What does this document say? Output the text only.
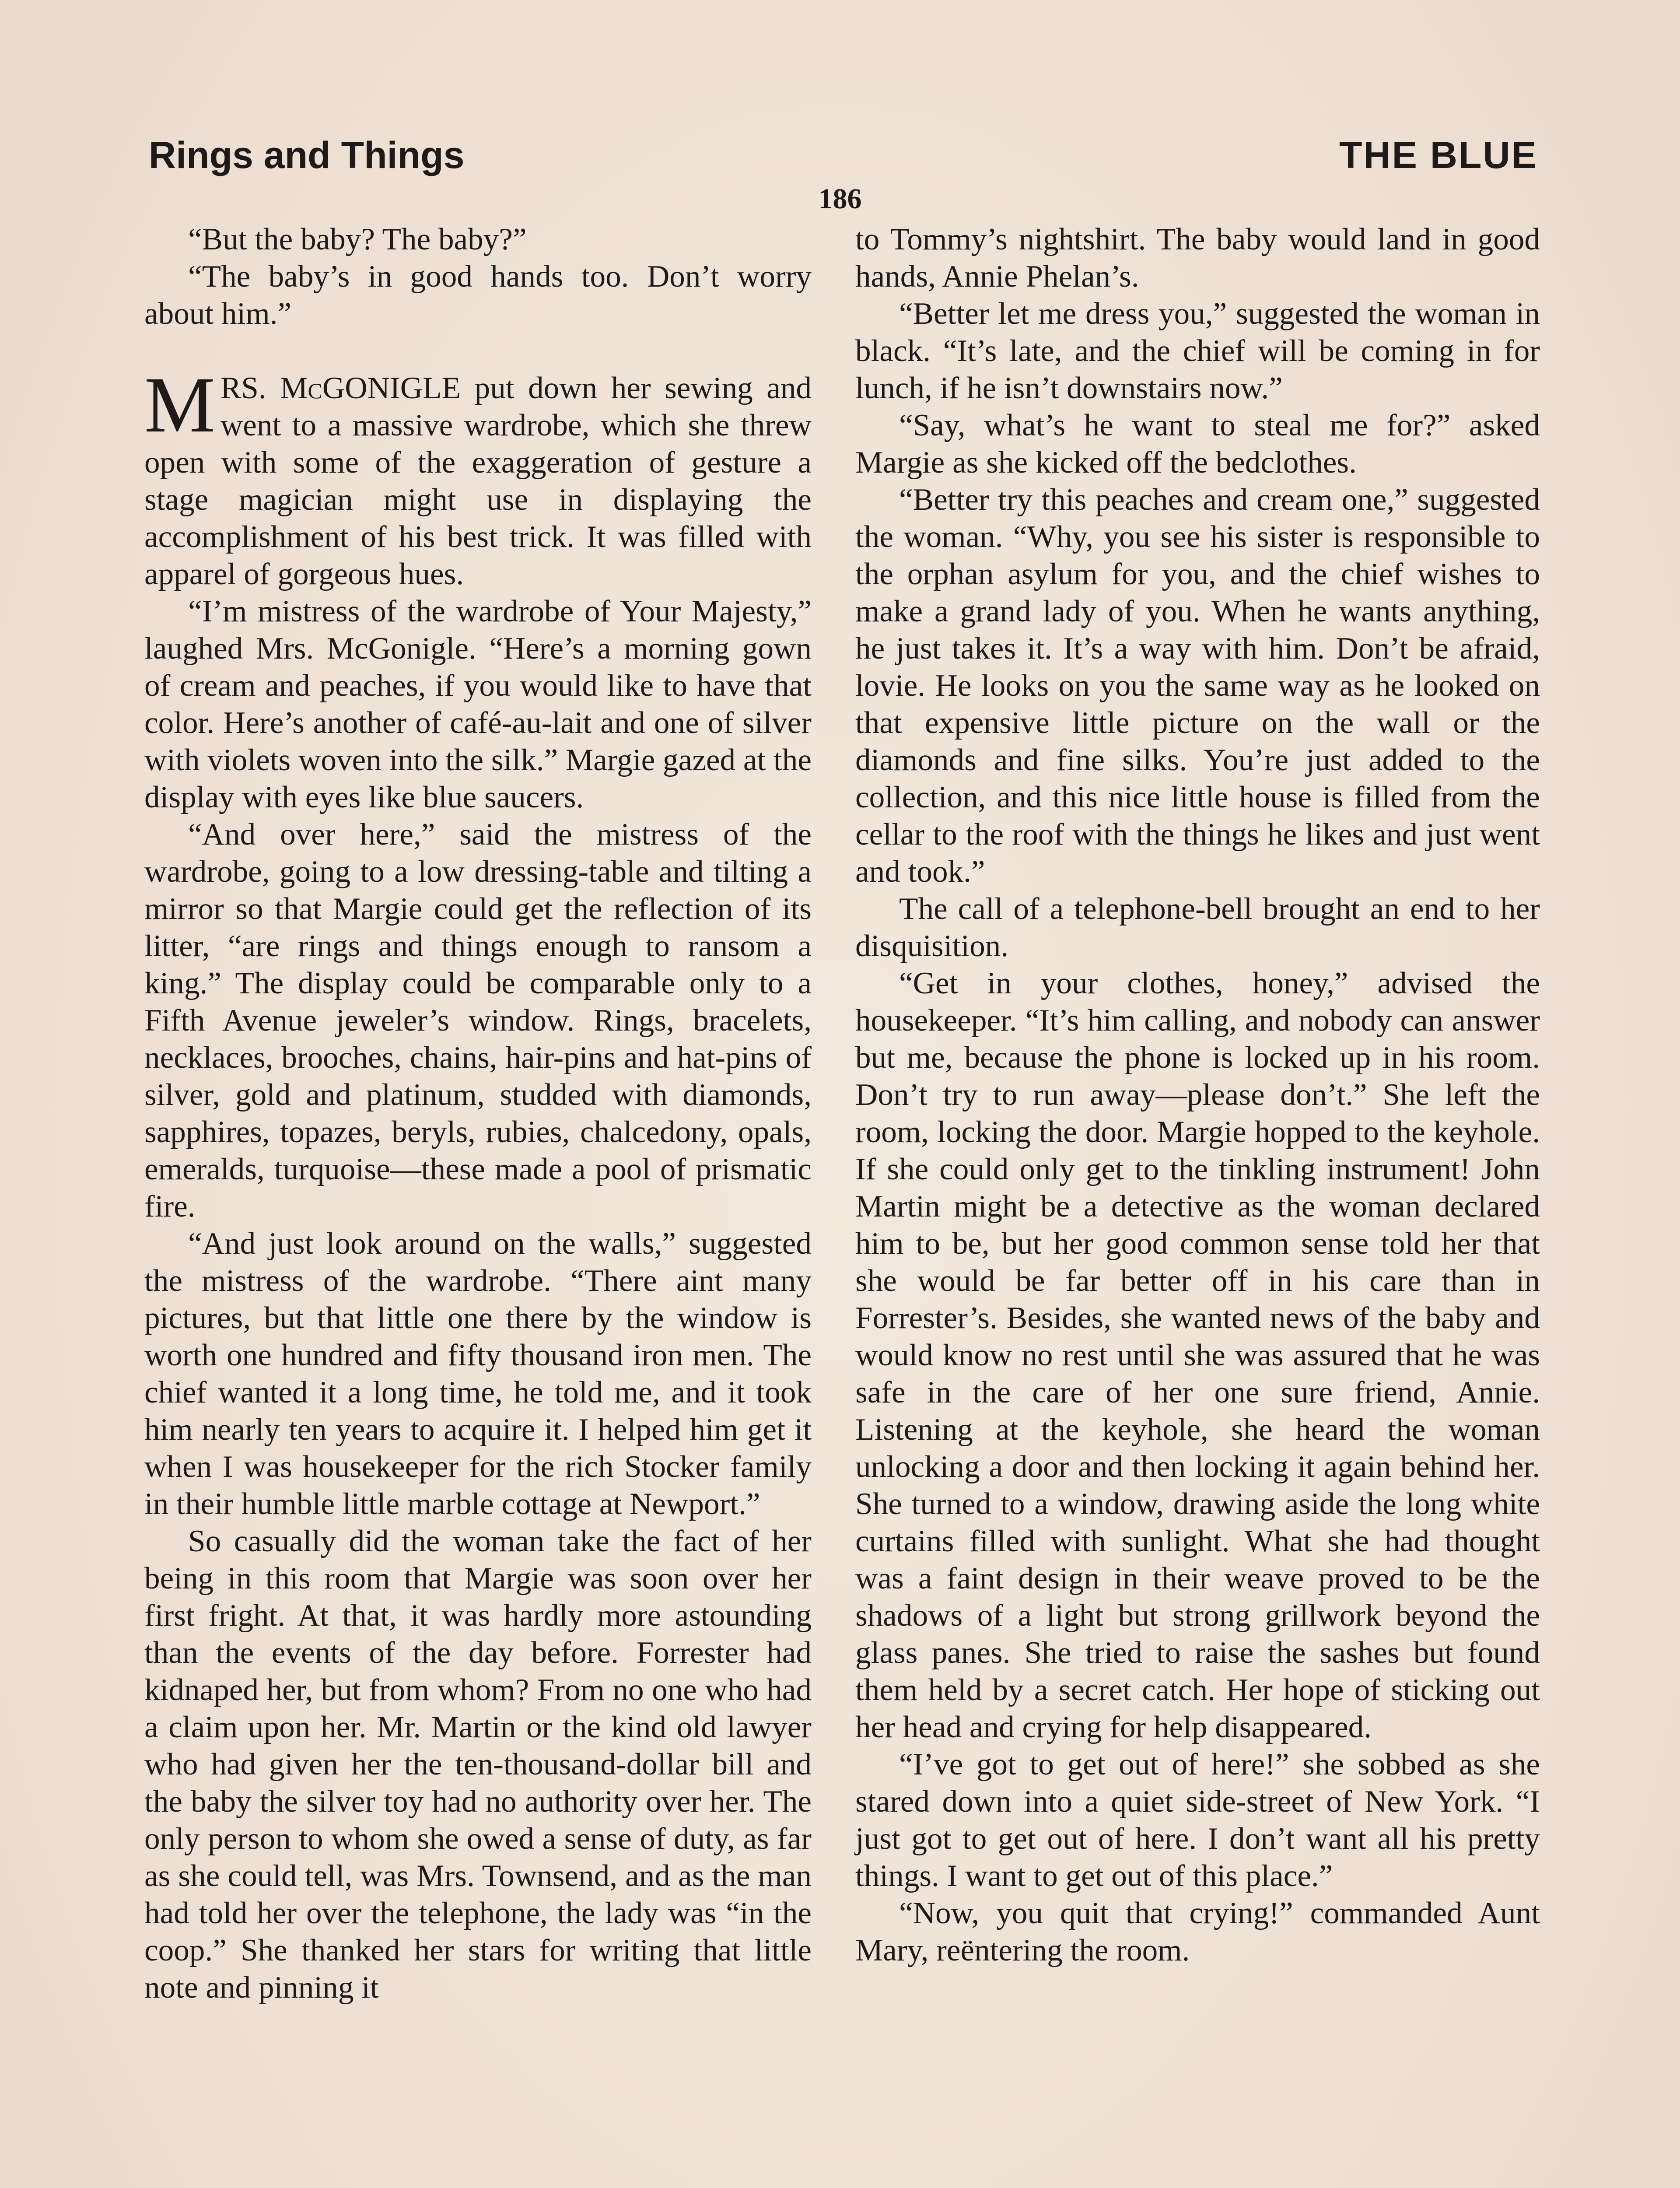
Rings and Things	THE BLUE
186

“But the baby? The baby?”

“The baby’s in good hands too. Don’t worry about him.”

MRS. McGONIGLE put down her sewing and went to a massive wardrobe, which she threw open with some of the exaggeration of gesture a stage magician might use in displaying the accomplishment of his best trick. It was filled with apparel of gorgeous hues.

“I’m mistress of the wardrobe of Your Majesty,” laughed Mrs. McGonigle. “Here’s a morning gown of cream and peaches, if you would like to have that color. Here’s another of café-au-lait and one of silver with violets woven into the silk.” Margie gazed at the display with eyes like blue saucers.

“And over here,” said the mistress of the wardrobe, going to a low dressing-table and tilting a mirror so that Margie could get the reflection of its litter, “are rings and things enough to ransom a king.” The display could be comparable only to a Fifth Avenue jeweler’s window. Rings, bracelets, necklaces, brooches, chains, hair-pins and hat-pins of silver, gold and platinum, studded with diamonds, sapphires, topazes, beryls, rubies, chalcedony, opals, emeralds, turquoise—these made a pool of prismatic fire.

“And just look around on the walls,” suggested the mistress of the wardrobe. “There aint many pictures, but that little one there by the window is worth one hundred and fifty thousand iron men. The chief wanted it a long time, he told me, and it took him nearly ten years to acquire it. I helped him get it when I was housekeeper for the rich Stocker family in their humble little marble cottage at Newport.”

So casually did the woman take the fact of her being in this room that Margie was soon over her first fright. At that, it was hardly more astounding than the events of the day before. Forrester had kidnaped her, but from whom? From no one who had a claim upon her. Mr. Martin or the kind old lawyer who had given her the ten-thousand-dollar bill and the baby the silver toy had no authority over her. The only person to whom she owed a sense of duty, as far as she could tell, was Mrs. Townsend, and as the man had told her over the telephone, the lady was “in the coop.” She thanked her stars for writing that little note and pinning it

to Tommy’s nightshirt. The baby would land in good hands, Annie Phelan’s.

“Better let me dress you,” suggested the woman in black. “It’s late, and the chief will be coming in for lunch, if he isn’t downstairs now.”

“Say, what’s he want to steal me for?” asked Margie as she kicked off the bedclothes.

“Better try this peaches and cream one,” suggested the woman. “Why, you see his sister is responsible to the orphan asylum for you, and the chief wishes to make a grand lady of you. When he wants anything, he just takes it. It’s a way with him. Don’t be afraid, lovie. He looks on you the same way as he looked on that expensive little picture on the wall or the diamonds and fine silks. You’re just added to the collection, and this nice little house is filled from the cellar to the roof with the things he likes and just went and took.”

The call of a telephone-bell brought an end to her disquisition.

“Get in your clothes, honey,” advised the housekeeper. “It’s him calling, and nobody can answer but me, because the phone is locked up in his room. Don’t try to run away—please don’t.” She left the room, locking the door. Margie hopped to the keyhole. If she could only get to the tinkling instrument! John Martin might be a detective as the woman declared him to be, but her good common sense told her that she would be far better off in his care than in Forrester’s. Besides, she wanted news of the baby and would know no rest until she was assured that he was safe in the care of her one sure friend, Annie. Listening at the keyhole, she heard the woman unlocking a door and then locking it again behind her. She turned to a window, drawing aside the long white curtains filled with sunlight. What she had thought was a faint design in their weave proved to be the shadows of a light but strong grillwork beyond the glass panes. She tried to raise the sashes but found them held by a secret catch. Her hope of sticking out her head and crying for help disappeared.

“I’ve got to get out of here!” she sobbed as she stared down into a quiet side-street of New York. “I just got to get out of here. I don’t want all his pretty things. I want to get out of this place.”

“Now, you quit that crying!” commanded Aunt Mary, reëntering the room.
